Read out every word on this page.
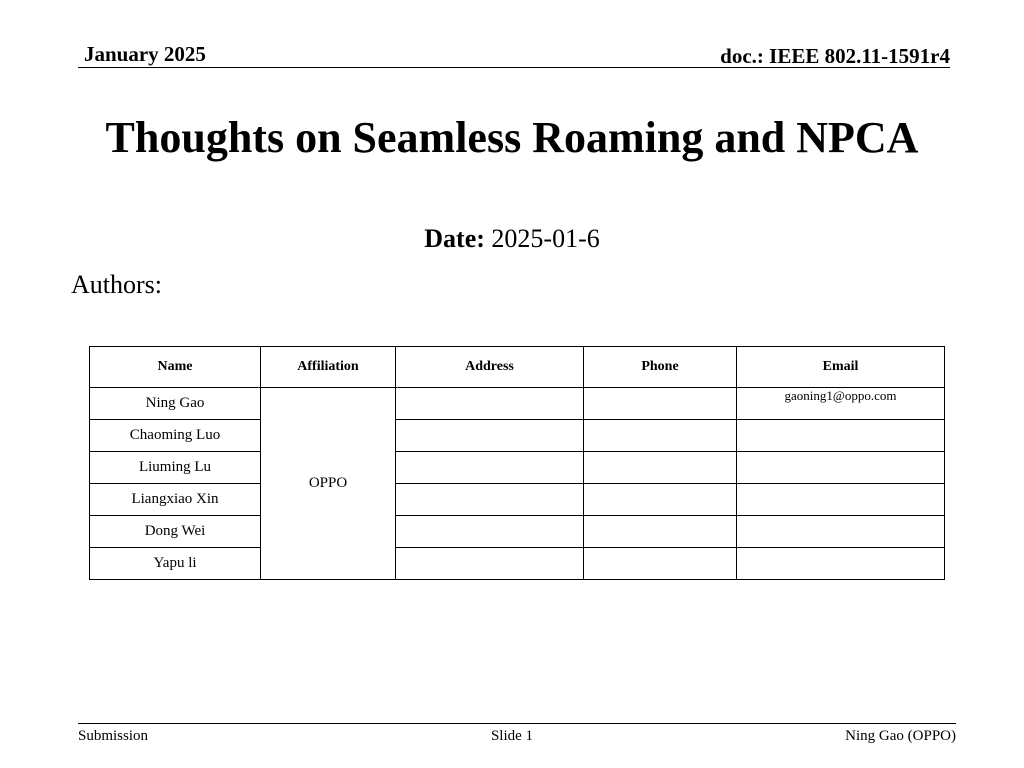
January 2025	doc.: IEEE 802.11-1591r4
Thoughts on Seamless Roaming and NPCA
Date: 2025-01-6
Authors:
Name	Affiliation	Address	Phone	Email
Ning Gao	OPPO			gaoning1@oppo.com
Chaoming Luo				
Liuming Lu				
Liangxiao Xin				
Dong Wei				
Yapu li				
Submission	Slide 1	Ning Gao (OPPO)
